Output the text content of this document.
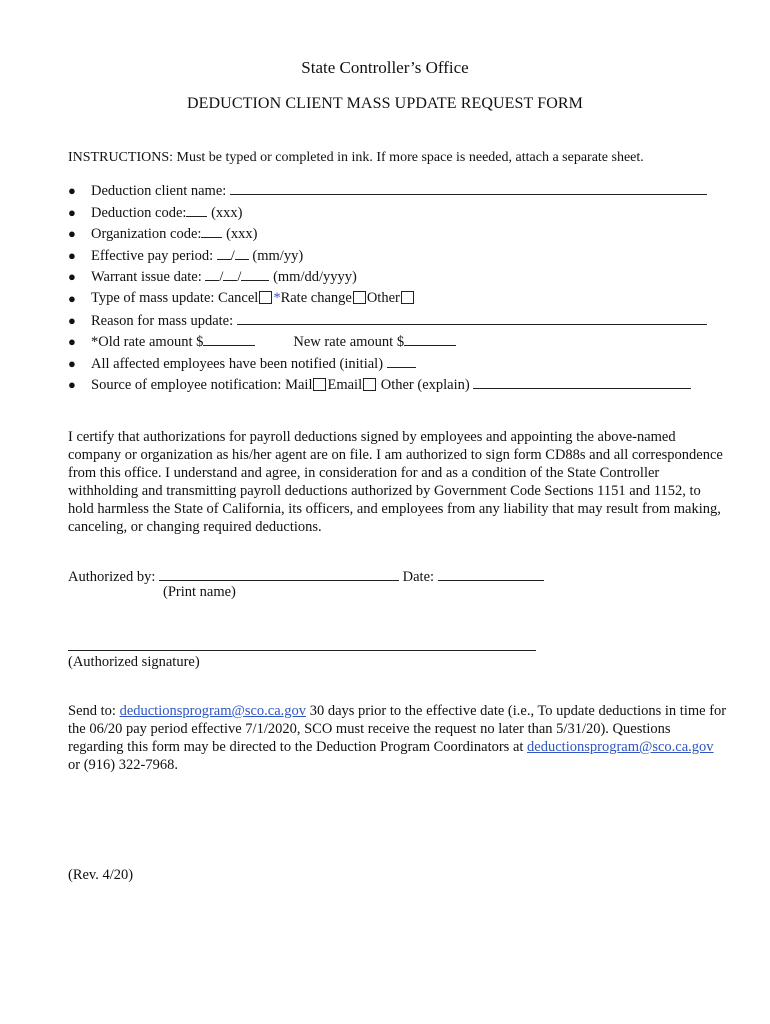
State Controller’s Office
DEDUCTION CLIENT MASS UPDATE REQUEST FORM
INSTRUCTIONS: Must be typed or completed in ink. If more space is needed, attach a separate sheet.
●	Deduction client name:
●	Deduction code: (xxx)
●	Organization code: (xxx)
●	Effective pay period: / (mm/yy)
●	Warrant issue date: / / (mm/dd/yyyy)
●	Type of mass update: Cancel *Rate change Other
●	Reason for mass update:
●	*Old rate amount $	New rate amount $
●	All affected employees have been notified (initial)
●	Source of employee notification: Mail Email Other (explain)
I certify that authorizations for payroll deductions signed by employees and appointing the above-named company or organization as his/her agent are on file. I am authorized to sign form CD88s and all correspondence from this office. I understand and agree, in consideration for and as a condition of the State Controller withholding and transmitting payroll deductions authorized by Government Code Sections 1151 and 1152, to hold harmless the State of California, its officers, and employees from any liability that may result from making, canceling, or changing required deductions.
Authorized by:	Date:
(Print name)
(Authorized signature)
Send to: deductionsprogram@sco.ca.gov 30 days prior to the effective date (i.e., To update deductions in time for the 06/20 pay period effective 7/1/2020, SCO must receive the request no later than 5/31/20). Questions regarding this form may be directed to the Deduction Program Coordinators at deductionsprogram@sco.ca.gov or (916) 322-7968.
(Rev. 4/20)
